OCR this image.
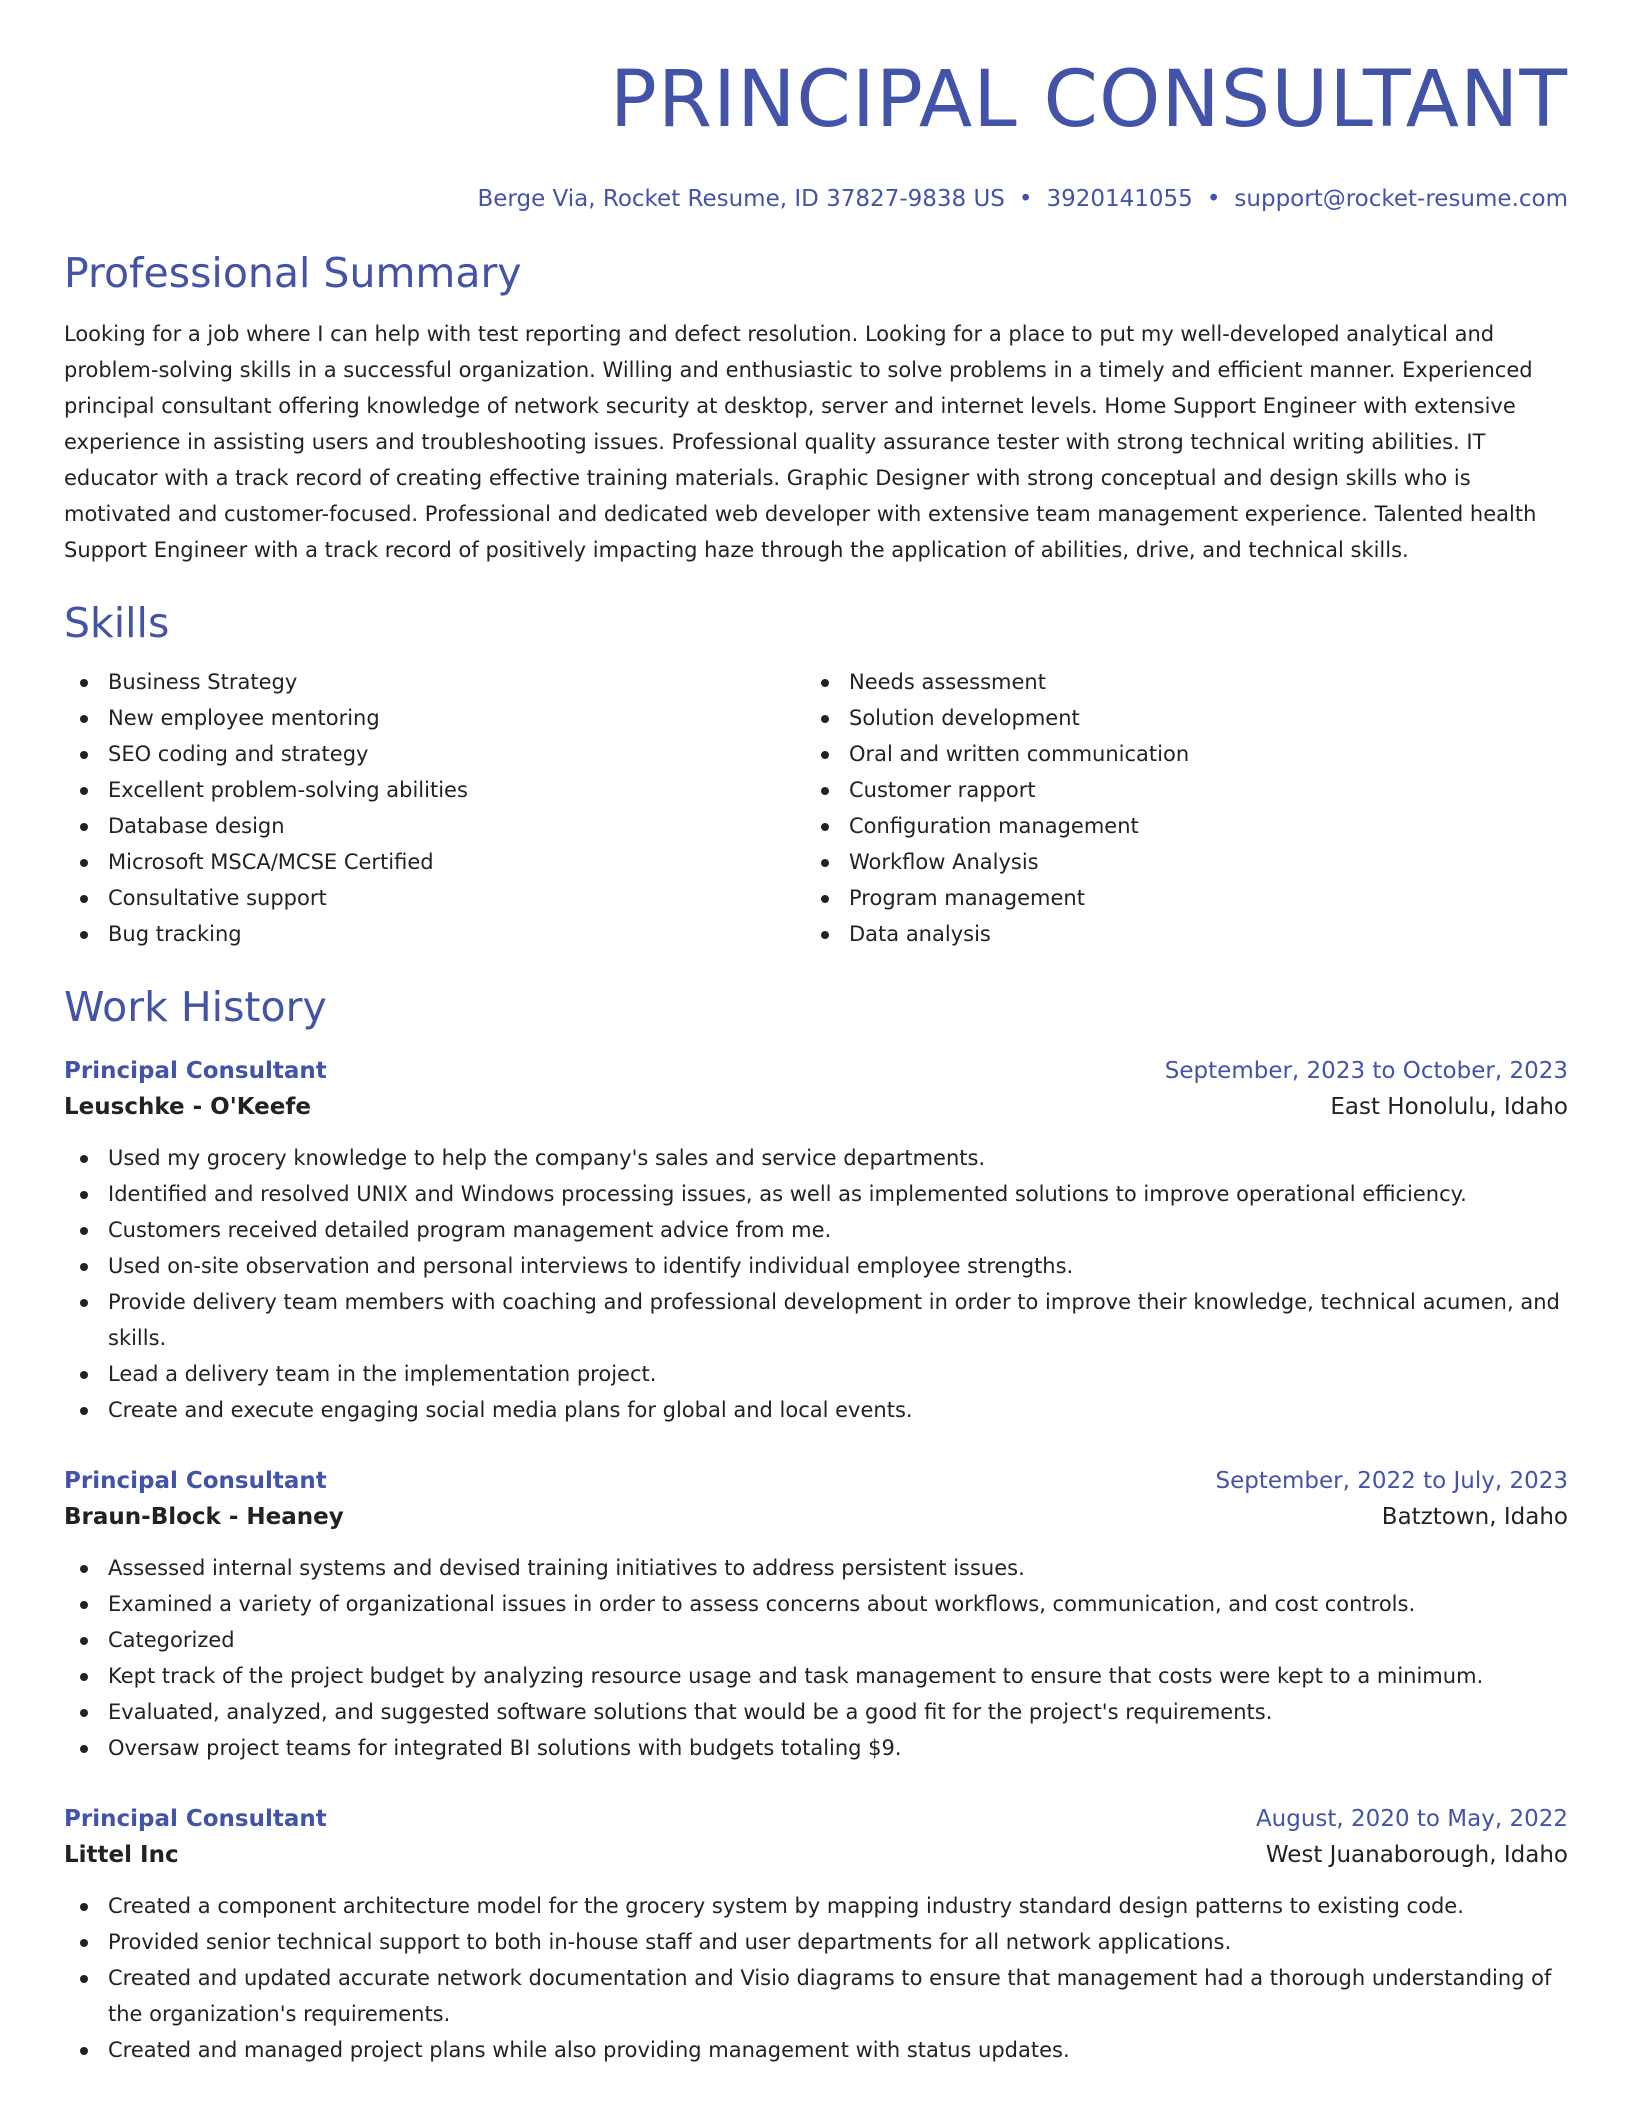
PRINCIPAL CONSULTANT
Berge Via, Rocket Resume, ID 37827-9838 US • 3920141055 • support@rocket-resume.com
Professional Summary
Looking for a job where I can help with test reporting and defect resolution. Looking for a place to put my well-developed analytical and problem-solving skills in a successful organization. Willing and enthusiastic to solve problems in a timely and efficient manner. Experienced principal consultant offering knowledge of network security at desktop, server and internet levels. Home Support Engineer with extensive experience in assisting users and troubleshooting issues. Professional quality assurance tester with strong technical writing abilities. IT educator with a track record of creating effective training materials. Graphic Designer with strong conceptual and design skills who is motivated and customer-focused. Professional and dedicated web developer with extensive team management experience. Talented health Support Engineer with a track record of positively impacting haze through the application of abilities, drive, and technical skills.
Skills
Business Strategy
New employee mentoring
SEO coding and strategy
Excellent problem-solving abilities
Database design
Microsoft MSCA/MCSE Certified
Consultative support
Bug tracking
Needs assessment
Solution development
Oral and written communication
Customer rapport
Configuration management
Workflow Analysis
Program management
Data analysis
Work History
Principal Consultant	September, 2023 to October, 2023
Leuschke - O'Keefe	East Honolulu, Idaho
Used my grocery knowledge to help the company's sales and service departments.
Identified and resolved UNIX and Windows processing issues, as well as implemented solutions to improve operational efficiency.
Customers received detailed program management advice from me.
Used on-site observation and personal interviews to identify individual employee strengths.
Provide delivery team members with coaching and professional development in order to improve their knowledge, technical acumen, and skills.
Lead a delivery team in the implementation project.
Create and execute engaging social media plans for global and local events.
Principal Consultant	September, 2022 to July, 2023
Braun-Block - Heaney	Batztown, Idaho
Assessed internal systems and devised training initiatives to address persistent issues.
Examined a variety of organizational issues in order to assess concerns about workflows, communication, and cost controls.
Categorized
Kept track of the project budget by analyzing resource usage and task management to ensure that costs were kept to a minimum.
Evaluated, analyzed, and suggested software solutions that would be a good fit for the project's requirements.
Oversaw project teams for integrated BI solutions with budgets totaling $9.
Principal Consultant	August, 2020 to May, 2022
Littel Inc	West Juanaborough, Idaho
Created a component architecture model for the grocery system by mapping industry standard design patterns to existing code.
Provided senior technical support to both in-house staff and user departments for all network applications.
Created and updated accurate network documentation and Visio diagrams to ensure that management had a thorough understanding of the organization's requirements.
Created and managed project plans while also providing management with status updates.
